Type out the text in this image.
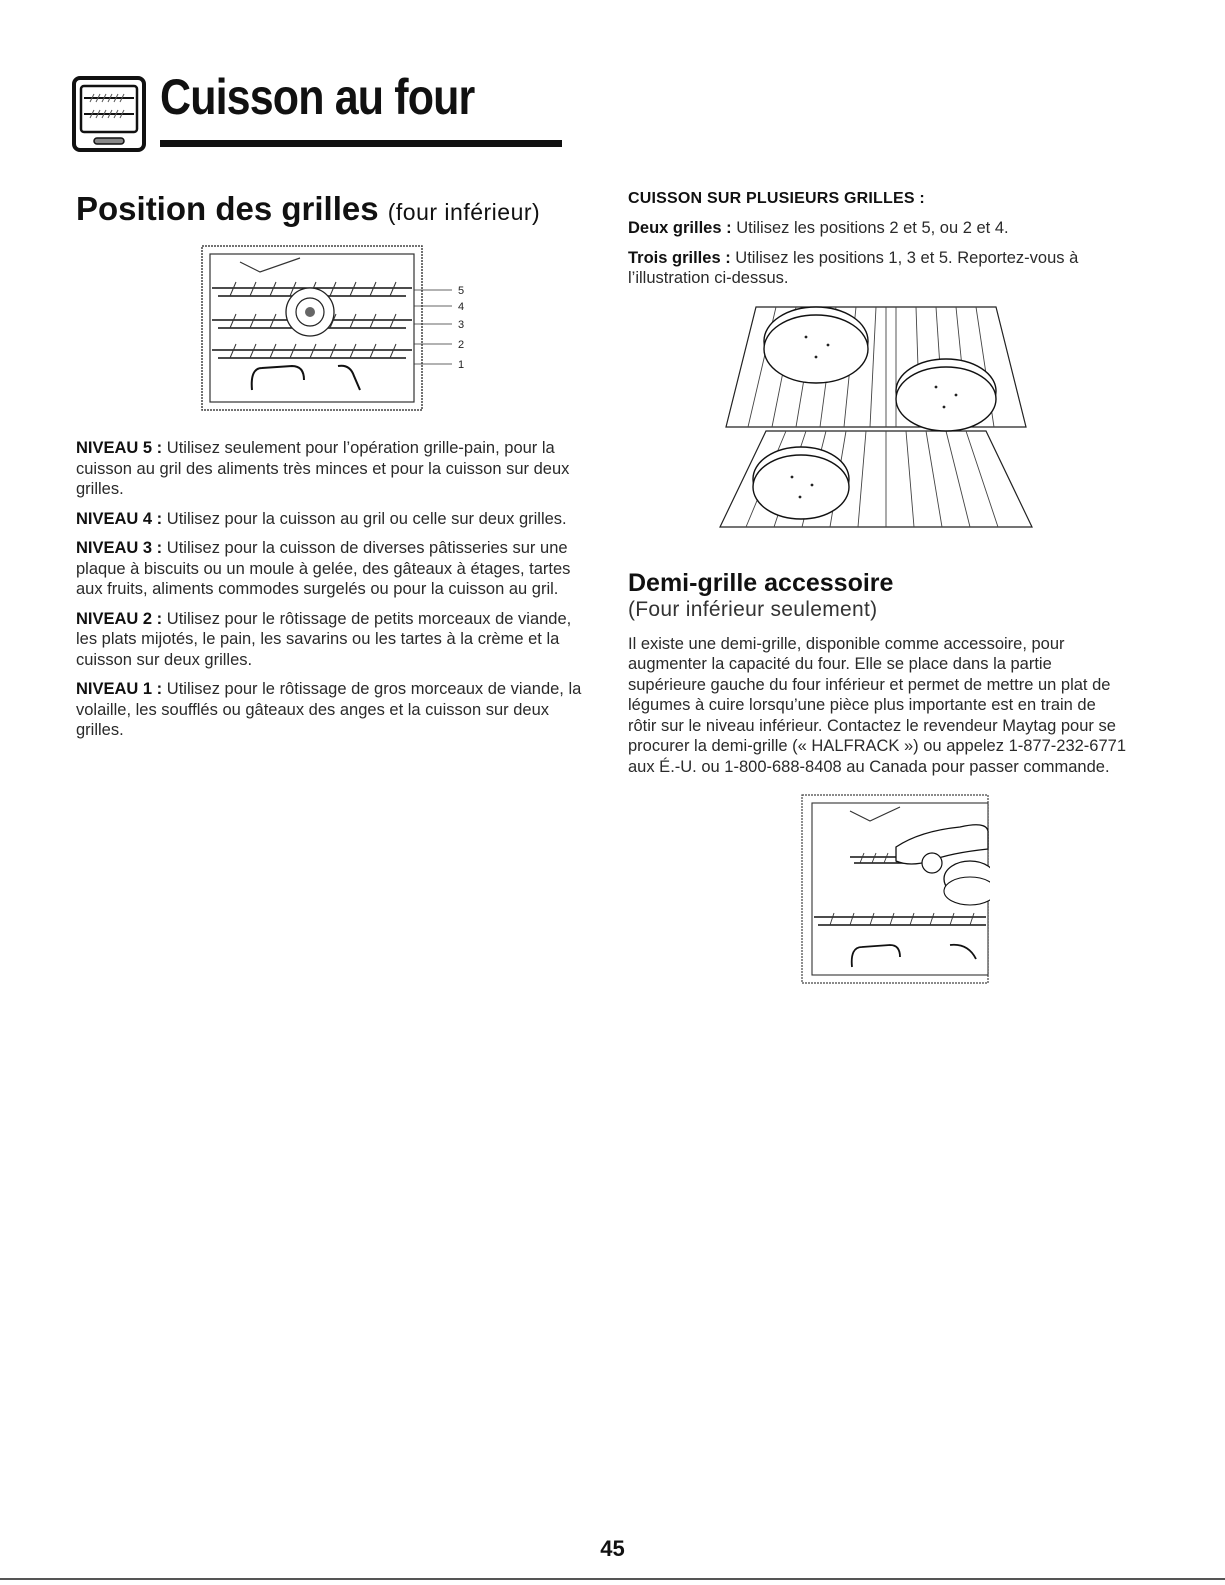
Cuisson au four
Position des grilles (four inférieur)
5
4
3
2
1

NIVEAU 5 : Utilisez seulement pour l’opération grille-pain, pour la cuisson au gril des aliments très minces et pour la cuisson sur deux grilles.

NIVEAU 4 : Utilisez pour la cuisson au gril ou celle sur deux grilles.

NIVEAU 3 : Utilisez pour la cuisson de diverses pâtisseries sur une plaque à biscuits ou un moule à gelée, des gâteaux à étages, tartes aux fruits, aliments commodes surgelés ou pour la cuisson au gril.

NIVEAU 2 : Utilisez pour le rôtissage de petits morceaux de viande, les plats mijotés, le pain, les savarins ou les tartes à la crème et la cuisson sur deux grilles.

NIVEAU 1 : Utilisez pour le rôtissage de gros morceaux de viande, la volaille, les soufflés ou gâteaux des anges et la cuisson sur deux grilles.

CUISSON SUR PLUSIEURS GRILLES :

Deux grilles : Utilisez les positions 2 et 5, ou 2 et 4.

Trois grilles : Utilisez les positions 1, 3 et 5. Reportez-vous à l’illustration ci-dessus.

Demi-grille accessoire
(Four inférieur seulement)

Il existe une demi-grille, disponible comme accessoire, pour augmenter la capacité du four. Elle se place dans la partie supérieure gauche du four inférieur et permet de mettre un plat de légumes à cuire lorsqu’une pièce plus importante est en train de rôtir sur le niveau inférieur. Contactez le revendeur Maytag pour se procurer la demi-grille (« HALFRACK ») ou appelez 1-877-232-6771 aux É.-U. ou 1-800-688-8408 au Canada pour passer commande.

45
